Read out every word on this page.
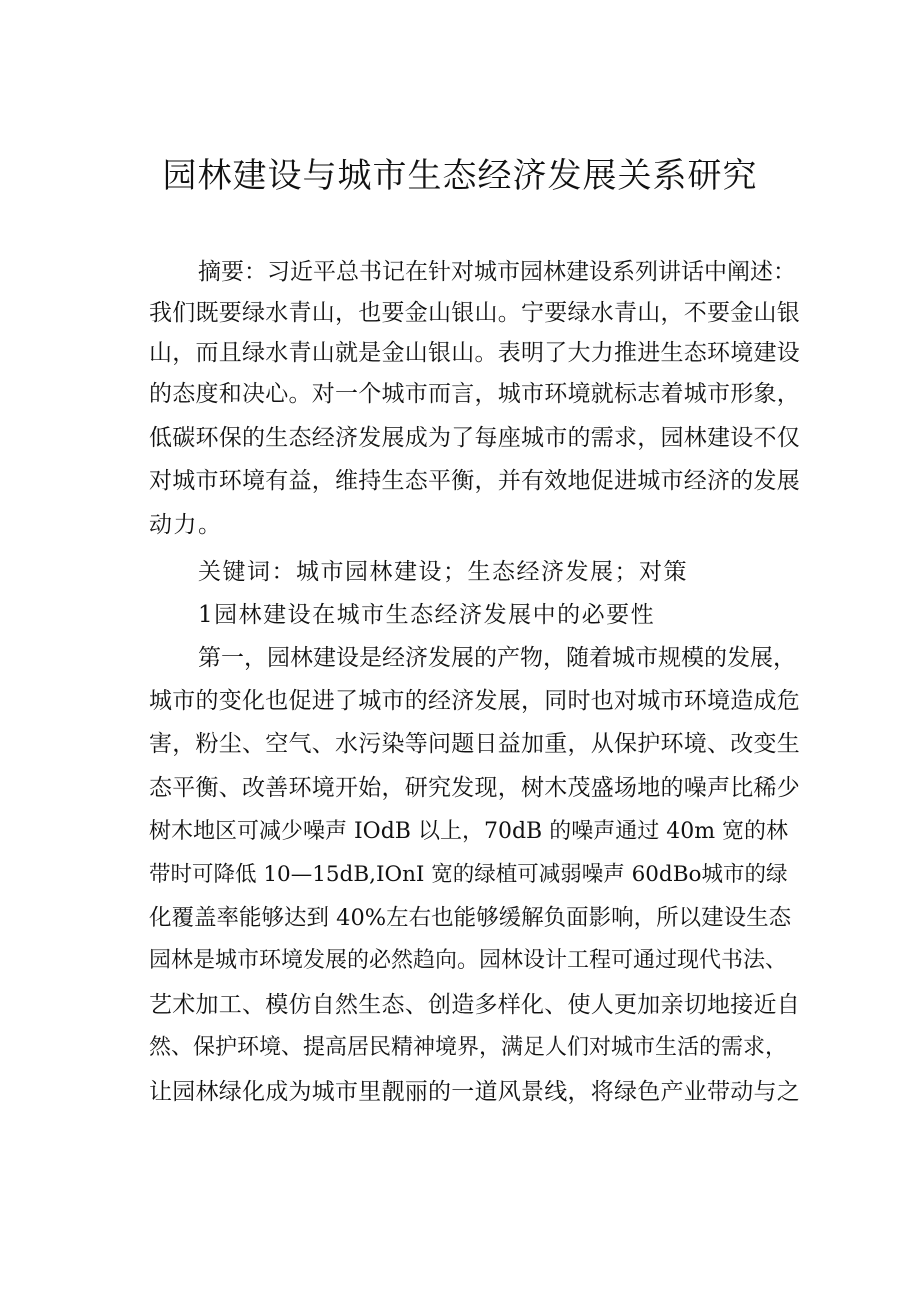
园林建设与城市生态经济发展关系研究
摘要：习近平总书记在针对城市园林建设系列讲话中阐述：
我们既要绿水青山，也要金山银山。宁要绿水青山，不要金山银
山，而且绿水青山就是金山银山。表明了大力推进生态环境建设
的态度和决心。对一个城市而言，城市环境就标志着城市形象，
低碳环保的生态经济发展成为了每座城市的需求，园林建设不仅
对城市环境有益，维持生态平衡，并有效地促进城市经济的发展
动力。
关键词：城市园林建设；生态经济发展；对策
1园林建设在城市生态经济发展中的必要性
第一，园林建设是经济发展的产物，随着城市规模的发展，
城市的变化也促进了城市的经济发展，同时也对城市环境造成危
害，粉尘、空气、水污染等问题日益加重，从保护环境、改变生
态平衡、改善环境开始，研究发现，树木茂盛场地的噪声比稀少
树木地区可减少噪声 IOdB 以上，70dB 的噪声通过 40m 宽的林
带时可降低 10—15dB,IOnI 宽的绿植可减弱噪声 60dBo城市的绿
化覆盖率能够达到 40%左右也能够缓解负面影响，所以建设生态
园林是城市环境发展的必然趋向。园林设计工程可通过现代书法、
艺术加工、模仿自然生态、创造多样化、使人更加亲切地接近自
然、保护环境、提高居民精神境界，满足人们对城市生活的需求，
让园林绿化成为城市里靓丽的一道风景线，将绿色产业带动与之
